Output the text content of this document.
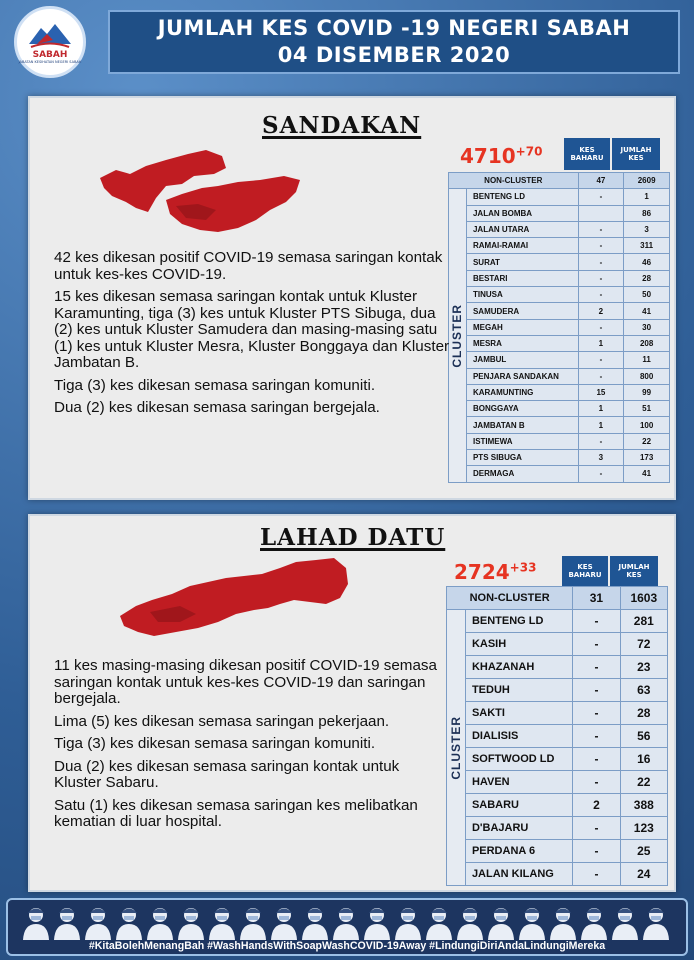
SABAH
JABATAN KESIHATAN NEGERI SABAH
JUMLAH KES COVID -19 NEGERI SABAH
04 DISEMBER 2020
SANDAKAN
$4710^{+70}$	KES BAHARU
JUMLAH KES
NON-CLUSTER		47	2609

CLUSTER	BENTENG LD	-	1
	JALAN BOMBA		86
	JALAN UTARA	-	3
	RAMAI-RAMAI	-	311
	SURAT	-	46
	BESTARI	-	28
	TINUSA	-	50
	SAMUDERA	2	41
	MEGAH	-	30
	MESRA	1	208
	JAMBUL	-	11
	PENJARA SANDAKAN	-	800
	KARAMUNTING	15	99
	BONGGAYA	1	51
	JAMBATAN B	1	100
	ISTIMEWA	-	22
	PTS SIBUGA	3	173
	DERMAGA	-	41

42 kes dikesan positif COVID-19 semasa saringan kontak untuk kes-kes COVID-19.

15 kes dikesan semasa saringan kontak untuk Kluster Karamunting, tiga (3) kes untuk Kluster PTS Sibuga, dua (2) kes untuk Kluster Samudera dan masing-masing satu (1) kes untuk Kluster Mesra, Kluster Bonggaya dan Kluster Jambatan B.

Tiga (3) kes dikesan semasa saringan komuniti.

Dua (2) kes dikesan semasa saringan bergejala.

LAHAD DATU
$2724^{+33}$	KES BAHARU
JUMLAH KES
NON-CLUSTER		31	1603

CLUSTER	BENTENG LD	-	281
	KASIH	-	72
	KHAZANAH	-	23
	TEDUH	-	63
	SAKTI	-	28
	DIALISIS	-	56
	SOFTWOOD LD	-	16
	HAVEN	-	22
	SABARU	2	388
	D'BAJARU	-	123
	PERDANA 6	-	25
	JALAN KILANG	-	24

11 kes masing-masing dikesan positif COVID-19 semasa saringan kontak untuk kes-kes COVID-19 dan saringan bergejala.

Lima (5) kes dikesan semasa saringan pekerjaan.

Tiga (3) kes dikesan semasa saringan komuniti.

Dua (2) kes dikesan semasa saringan kontak untuk Kluster Sabaru.

Satu (1) kes dikesan semasa saringan kes melibatkan kematian di luar hospital.

#KitaBolehMenangBah #WashHandsWithSoapWashCOVID-19Away #LindungiDiriAndaLindungiMereka
